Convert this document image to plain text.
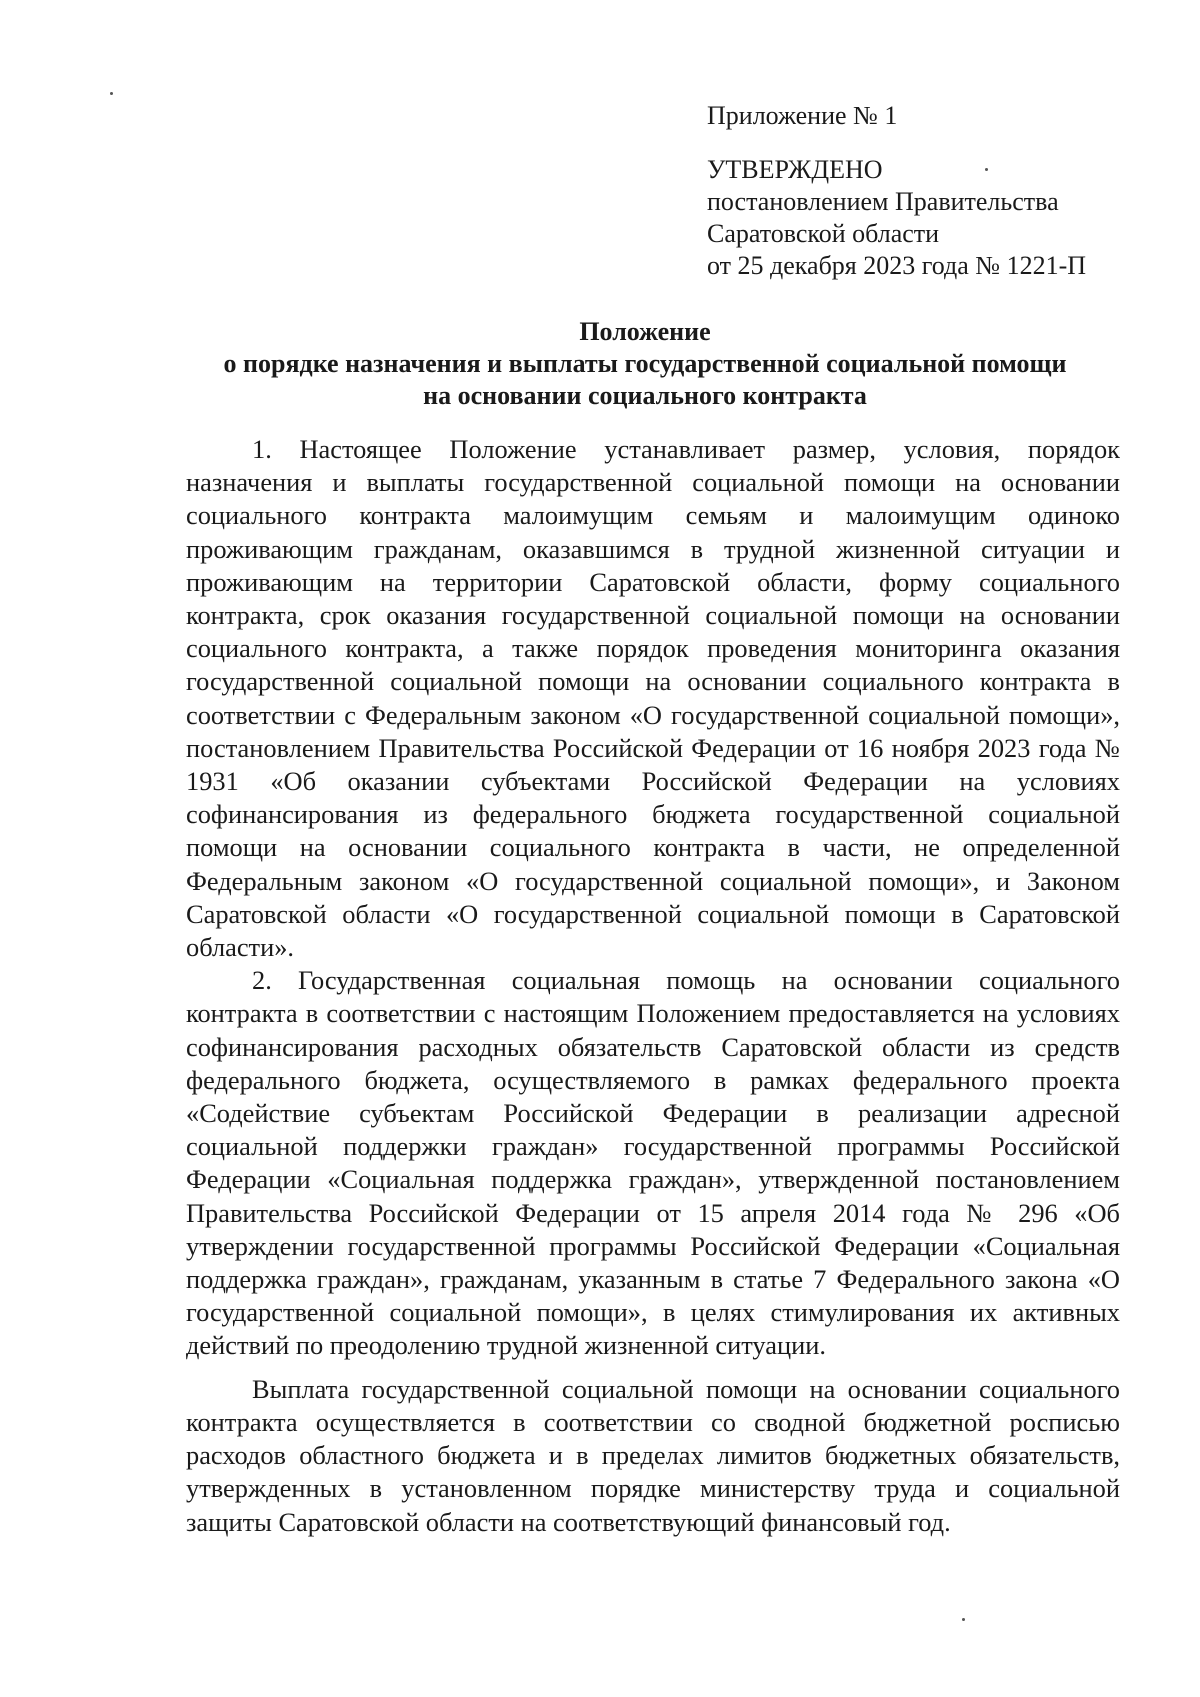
Приложение № 1
УТВЕРЖДЕНО
постановлением Правительства
Саратовской области
от 25 декабря 2023 года № 1221-П
Положение
о порядке назначения и выплаты государственной социальной помощи
на основании социального контракта

1. Настоящее Положение устанавливает размер, условия, порядок назначения и выплаты государственной социальной помощи на основании социального контракта малоимущим семьям и малоимущим одиноко проживающим гражданам, оказавшимся в трудной жизненной ситуации и проживающим на территории Саратовской области, форму социального контракта, срок оказания государственной социальной помощи на основании социального контракта, а также порядок проведения мониторинга оказания государственной социальной помощи на основании социального контракта в соответствии с Федеральным законом «О государственной социальной помощи», постановлением Правительства Российской Федерации от 16 ноября 2023 года № 1931 «Об оказании субъектами Российской Федерации на условиях софинансирования из федерального бюджета государственной социальной помощи на основании социального контракта в части, не определенной Федеральным законом «О государственной социальной помощи», и Законом Саратовской области «О государственной социальной помощи в Саратовской области».

2. Государственная социальная помощь на основании социального контракта в соответствии с настоящим Положением предоставляется на условиях софинансирования расходных обязательств Саратовской области из средств федерального бюджета, осуществляемого в рамках федерального проекта «Содействие субъектам Российской Федерации в реализации адресной социальной поддержки граждан» государственной программы Российской Федерации «Социальная поддержка граждан», утвержденной постановлением Правительства Российской Федерации от 15 апреля 2014 года № 296 «Об утверждении государственной программы Российской Федерации «Социальная поддержка граждан», гражданам, указанным в статье 7 Федерального закона «О государственной социальной помощи», в целях стимулирования их активных действий по преодолению трудной жизненной ситуации.

Выплата государственной социальной помощи на основании социального контракта осуществляется в соответствии со сводной бюджетной росписью расходов областного бюджета и в пределах лимитов бюджетных обязательств, утвержденных в установленном порядке министерству труда и социальной защиты Саратовской области на соответствующий финансовый год.
